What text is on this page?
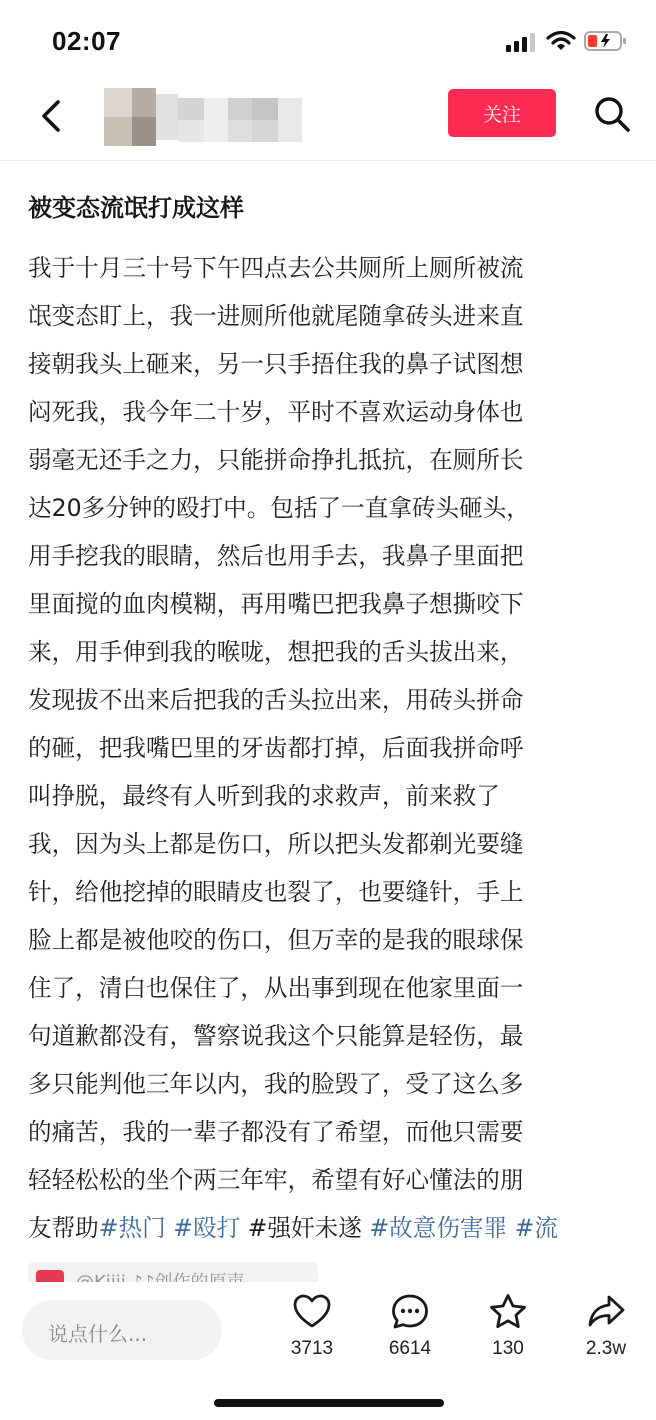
02:07
关注
被变态流氓打成这样
我于十月三十号下午四点去公共厕所上厕所被流
氓变态盯上，我一进厕所他就尾随拿砖头进来直
接朝我头上砸来，另一只手捂住我的鼻子试图想
闷死我，我今年二十岁，平时不喜欢运动身体也
弱毫无还手之力，只能拼命挣扎抵抗，在厕所长
达20多分钟的殴打中。包括了一直拿砖头砸头，
用手挖我的眼睛，然后也用手去，我鼻子里面把
里面搅的血肉模糊，再用嘴巴把我鼻子想撕咬下
来，用手伸到我的喉咙，想把我的舌头拔出来，
发现拔不出来后把我的舌头拉出来，用砖头拼命
的砸，把我嘴巴里的牙齿都打掉，后面我拼命呼
叫挣脱，最终有人听到我的求救声，前来救了
我，因为头上都是伤口，所以把头发都剃光要缝
针，给他挖掉的眼睛皮也裂了，也要缝针，手上
脸上都是被他咬的伤口，但万幸的是我的眼球保
住了，清白也保住了，从出事到现在他家里面一
句道歉都没有，警察说我这个只能算是轻伤，最
多只能判他三年以内，我的脸毁了，受了这么多
的痛苦，我的一辈子都没有了希望，而他只需要
轻轻松松的坐个两三年牢，希望有好心懂法的朋
友帮助#热门 #殴打 #强奸未遂 #故意伤害罪 #流
说点什么...
3713	6614	130	2.3w
